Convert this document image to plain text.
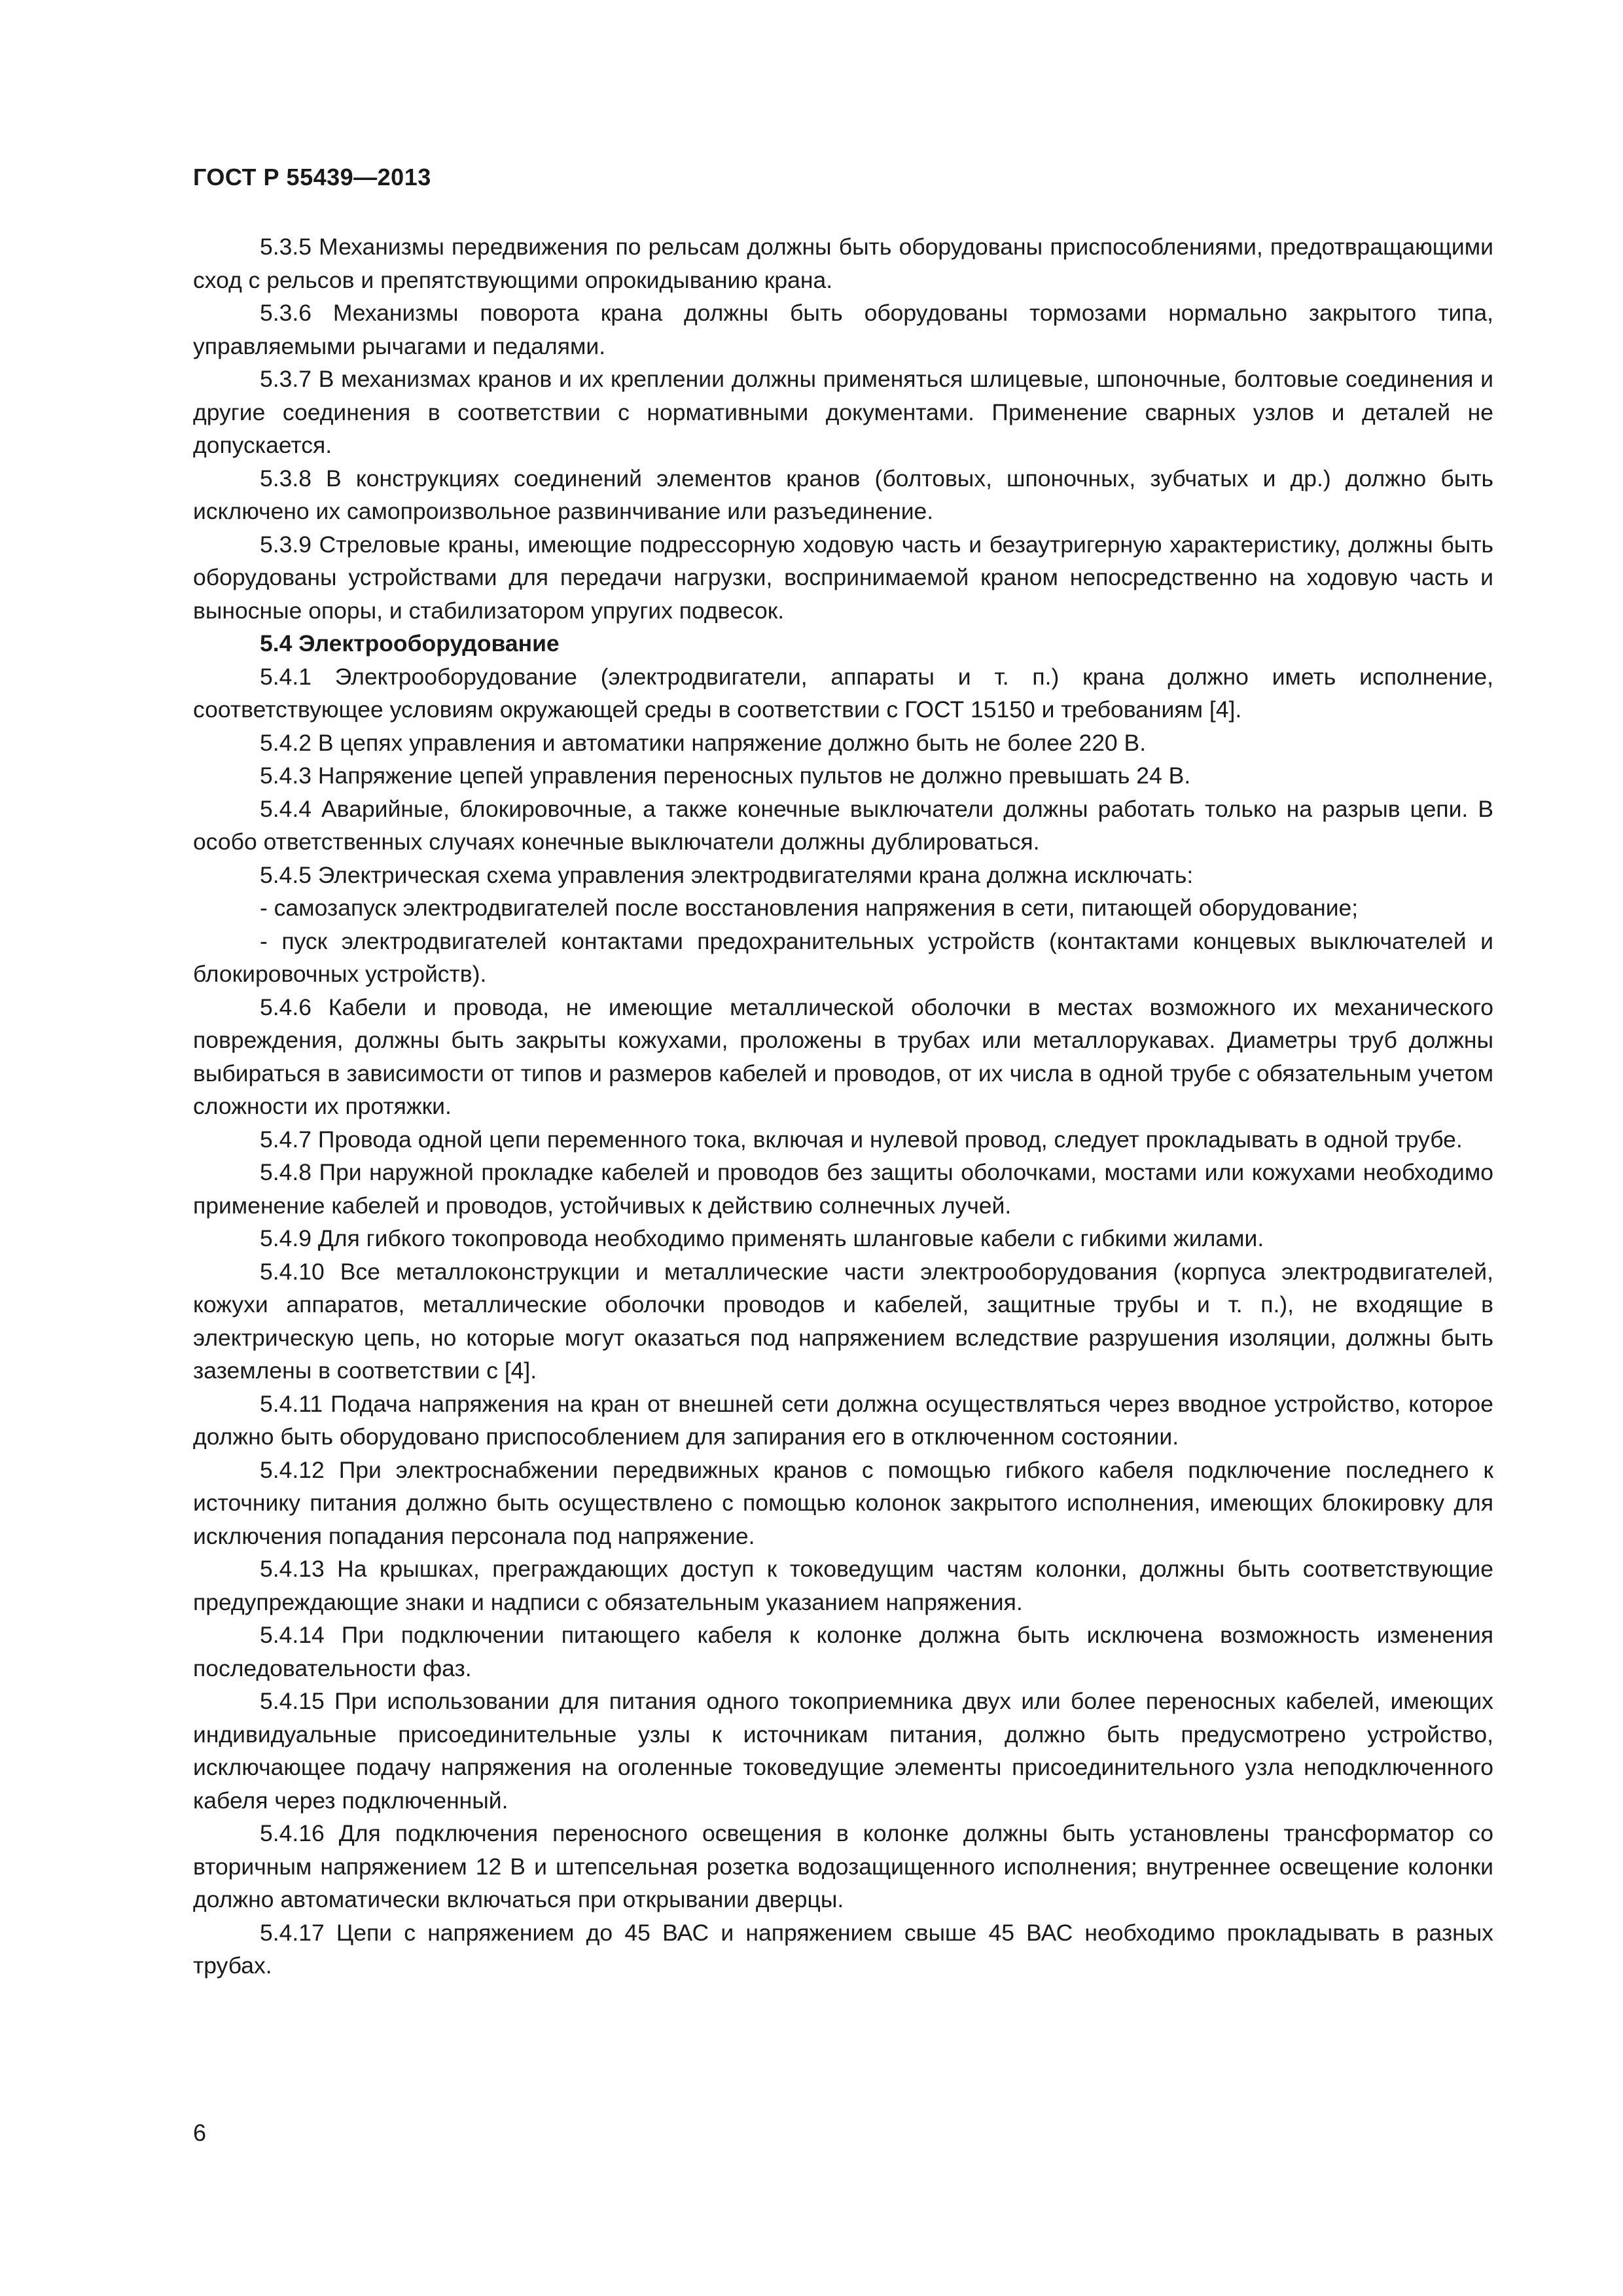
ГОСТ Р 55439—2013

5.3.5 Механизмы передвижения по рельсам должны быть оборудованы приспособлениями, предотвращающими сход с рельсов и препятствующими опрокидыванию крана.

5.3.6 Механизмы поворота крана должны быть оборудованы тормозами нормально закрытого типа, управляемыми рычагами и педалями.

5.3.7 В механизмах кранов и их креплении должны применяться шлицевые, шпоночные, болтовые соединения и другие соединения в соответствии с нормативными документами. Применение сварных узлов и деталей не допускается.

5.3.8 В конструкциях соединений элементов кранов (болтовых, шпоночных, зубчатых и др.) должно быть исключено их самопроизвольное развинчивание или разъединение.

5.3.9 Стреловые краны, имеющие подрессорную ходовую часть и безаутригерную характеристику, должны быть оборудованы устройствами для передачи нагрузки, воспринимаемой краном непосредственно на ходовую часть и выносные опоры, и стабилизатором упругих подвесок.

5.4 Электрооборудование

5.4.1 Электрооборудование (электродвигатели, аппараты и т. п.) крана должно иметь исполнение, соответствующее условиям окружающей среды в соответствии с ГОСТ 15150 и требованиям [4].

5.4.2 В цепях управления и автоматики напряжение должно быть не более 220 В.

5.4.3 Напряжение цепей управления переносных пультов не должно превышать 24 В.

5.4.4 Аварийные, блокировочные, а также конечные выключатели должны работать только на разрыв цепи. В особо ответственных случаях конечные выключатели должны дублироваться.

5.4.5 Электрическая схема управления электродвигателями крана должна исключать:

- самозапуск электродвигателей после восстановления напряжения в сети, питающей оборудование;

- пуск электродвигателей контактами предохранительных устройств (контактами концевых выключателей и блокировочных устройств).

5.4.6 Кабели и провода, не имеющие металлической оболочки в местах возможного их механического повреждения, должны быть закрыты кожухами, проложены в трубах или металлорукавах. Диаметры труб должны выбираться в зависимости от типов и размеров кабелей и проводов, от их числа в одной трубе с обязательным учетом сложности их протяжки.

5.4.7 Провода одной цепи переменного тока, включая и нулевой провод, следует прокладывать в одной трубе.

5.4.8 При наружной прокладке кабелей и проводов без защиты оболочками, мостами или кожухами необходимо применение кабелей и проводов, устойчивых к действию солнечных лучей.

5.4.9 Для гибкого токопровода необходимо применять шланговые кабели с гибкими жилами.

5.4.10 Все металлоконструкции и металлические части электрооборудования (корпуса электродвигателей, кожухи аппаратов, металлические оболочки проводов и кабелей, защитные трубы и т. п.), не входящие в электрическую цепь, но которые могут оказаться под напряжением вследствие разрушения изоляции, должны быть заземлены в соответствии с [4].

5.4.11 Подача напряжения на кран от внешней сети должна осуществляться через вводное устройство, которое должно быть оборудовано приспособлением для запирания его в отключенном состоянии.

5.4.12 При электроснабжении передвижных кранов с помощью гибкого кабеля подключение последнего к источнику питания должно быть осуществлено с помощью колонок закрытого исполнения, имеющих блокировку для исключения попадания персонала под напряжение.

5.4.13 На крышках, преграждающих доступ к токоведущим частям колонки, должны быть соответствующие предупреждающие знаки и надписи с обязательным указанием напряжения.

5.4.14 При подключении питающего кабеля к колонке должна быть исключена возможность изменения последовательности фаз.

5.4.15 При использовании для питания одного токоприемника двух или более переносных кабелей, имеющих индивидуальные присоединительные узлы к источникам питания, должно быть предусмотрено устройство, исключающее подачу напряжения на оголенные токоведущие элементы присоединительного узла неподключенного кабеля через подключенный.

5.4.16 Для подключения переносного освещения в колонке должны быть установлены трансформатор со вторичным напряжением 12 В и штепсельная розетка водозащищенного исполнения; внутреннее освещение колонки должно автоматически включаться при открывании дверцы.

5.4.17 Цепи с напряжением до 45 ВАС и напряжением свыше 45 ВАС необходимо прокладывать в разных трубах.

6
